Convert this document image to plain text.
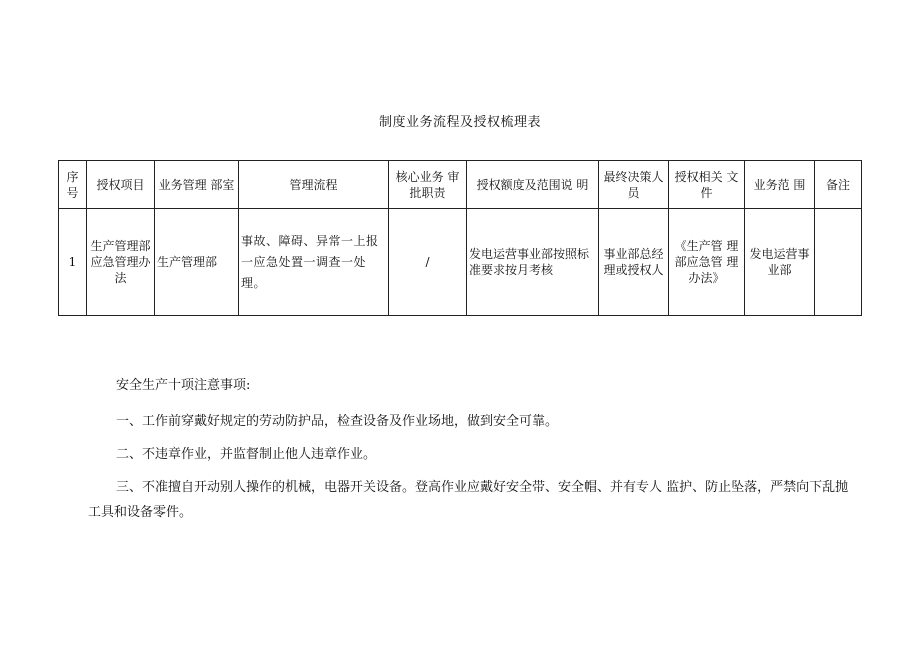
制度业务流程及授权梳理表
序号	授权项目	业务管理 部室	管理流程	核心业务 审批职责	授权额度及范围说 明	最终决策人员	授权相关 文件	业务范 围	备注
1	生产管理部应急管理办法	生产管理部	事故、障碍、异常一上报一应急处置一调查一处理。	/	发电运营事业部按照标准要求按月考核	事业部总经理或授权人	《生产管 理部应急管 理办法》	发电运营事业部	

安全生产十项注意事项:

一、工作前穿戴好规定的劳动防护品，检查设备及作业场地，做到安全可靠。

二、不违章作业，并监督制止他人违章作业。

三、不准擅自开动别人操作的机械，电器开关设备。登高作业应戴好安全带、安全帽、并有专人 监护、防止坠落，严禁向下乱抛工具和设备零件。
